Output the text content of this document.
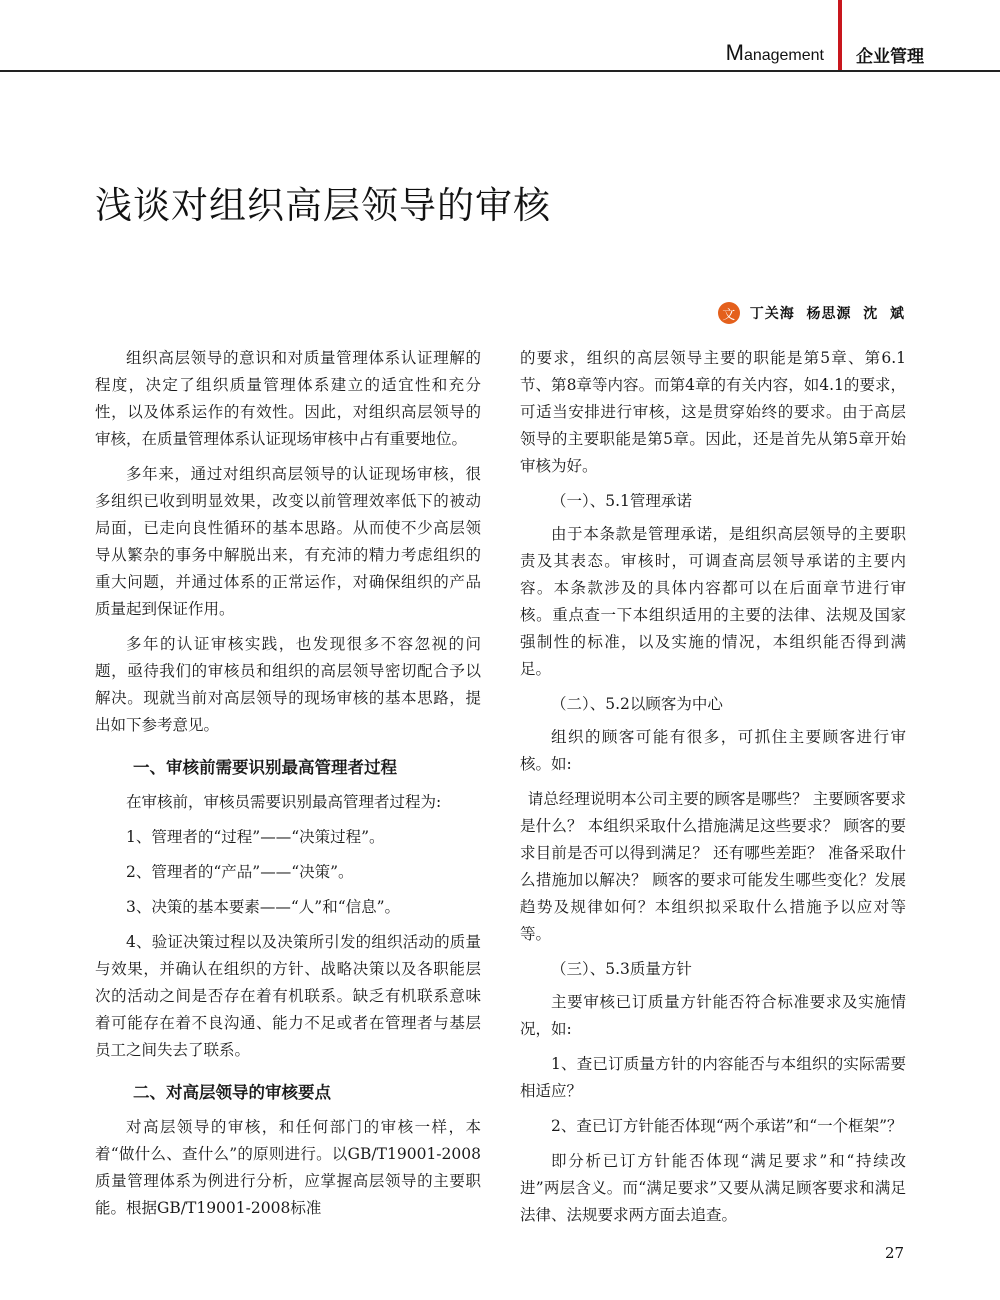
Management 企业管理
浅谈对组织高层领导的审核
文	丁关海  杨思源  沈  斌

组织高层领导的意识和对质量管理体系认证理解的程度，决定了组织质量管理体系建立的适宜性和充分性，以及体系运作的有效性。因此，对组织高层领导的审核，在质量管理体系认证现场审核中占有重要地位。

多年来，通过对组织高层领导的认证现场审核，很多组织已收到明显效果，改变以前管理效率低下的被动局面，已走向良性循环的基本思路。从而使不少高层领导从繁杂的事务中解脱出来，有充沛的精力考虑组织的重大问题，并通过体系的正常运作，对确保组织的产品质量起到保证作用。

多年的认证审核实践，也发现很多不容忽视的问题，亟待我们的审核员和组织的高层领导密切配合予以解决。现就当前对高层领导的现场审核的基本思路，提出如下参考意见。

一、审核前需要识别最高管理者过程

在审核前，审核员需要识别最高管理者过程为:

1、管理者的“过程”——“决策过程”。

2、管理者的“产品”——“决策”。

3、决策的基本要素——“人”和“信息”。

4、验证决策过程以及决策所引发的组织活动的质量与效果，并确认在组织的方针、战略决策以及各职能层次的活动之间是否存在着有机联系。缺乏有机联系意味着可能存在着不良沟通、能力不足或者在管理者与基层员工之间失去了联系。

二、对高层领导的审核要点

对高层领导的审核，和任何部门的审核一样，本着“做什么、查什么”的原则进行。以GB/T19001-2008质量管理体系为例进行分析，应掌握高层领导的主要职能。根据GB/T19001-2008标准

的要求，组织的高层领导主要的职能是第5章、第6.1节、第8章等内容。而第4章的有关内容，如4.1的要求，可适当安排进行审核，这是贯穿始终的要求。由于高层领导的主要职能是第5章。因此，还是首先从第5章开始审核为好。

（一）、5.1管理承诺

由于本条款是管理承诺，是组织高层领导的主要职责及其表态。审核时，可调查高层领导承诺的主要内容。本条款涉及的具体内容都可以在后面章节进行审核。重点查一下本组织适用的主要的法律、法规及国家强制性的标准，以及实施的情况，本组织能否得到满足。

（二）、5.2以顾客为中心

组织的顾客可能有很多，可抓住主要顾客进行审核。如:

请总经理说明本公司主要的顾客是哪些？ 主要顾客要求是什么？ 本组织采取什么措施满足这些要求？ 顾客的要求目前是否可以得到满足？ 还有哪些差距？ 准备采取什么措施加以解决？ 顾客的要求可能发生哪些变化？发展趋势及规律如何？本组织拟采取什么措施予以应对等等。

（三）、5.3质量方针

主要审核已订质量方针能否符合标准要求及实施情况，如:

1、查已订质量方针的内容能否与本组织的实际需要相适应？

2、查已订方针能否体现“两个承诺”和“一个框架”？

即分析已订方针能否体现“满足要求”和“持续改进”两层含义。而“满足要求”又要从满足顾客要求和满足法律、法规要求两方面去追查。

27
